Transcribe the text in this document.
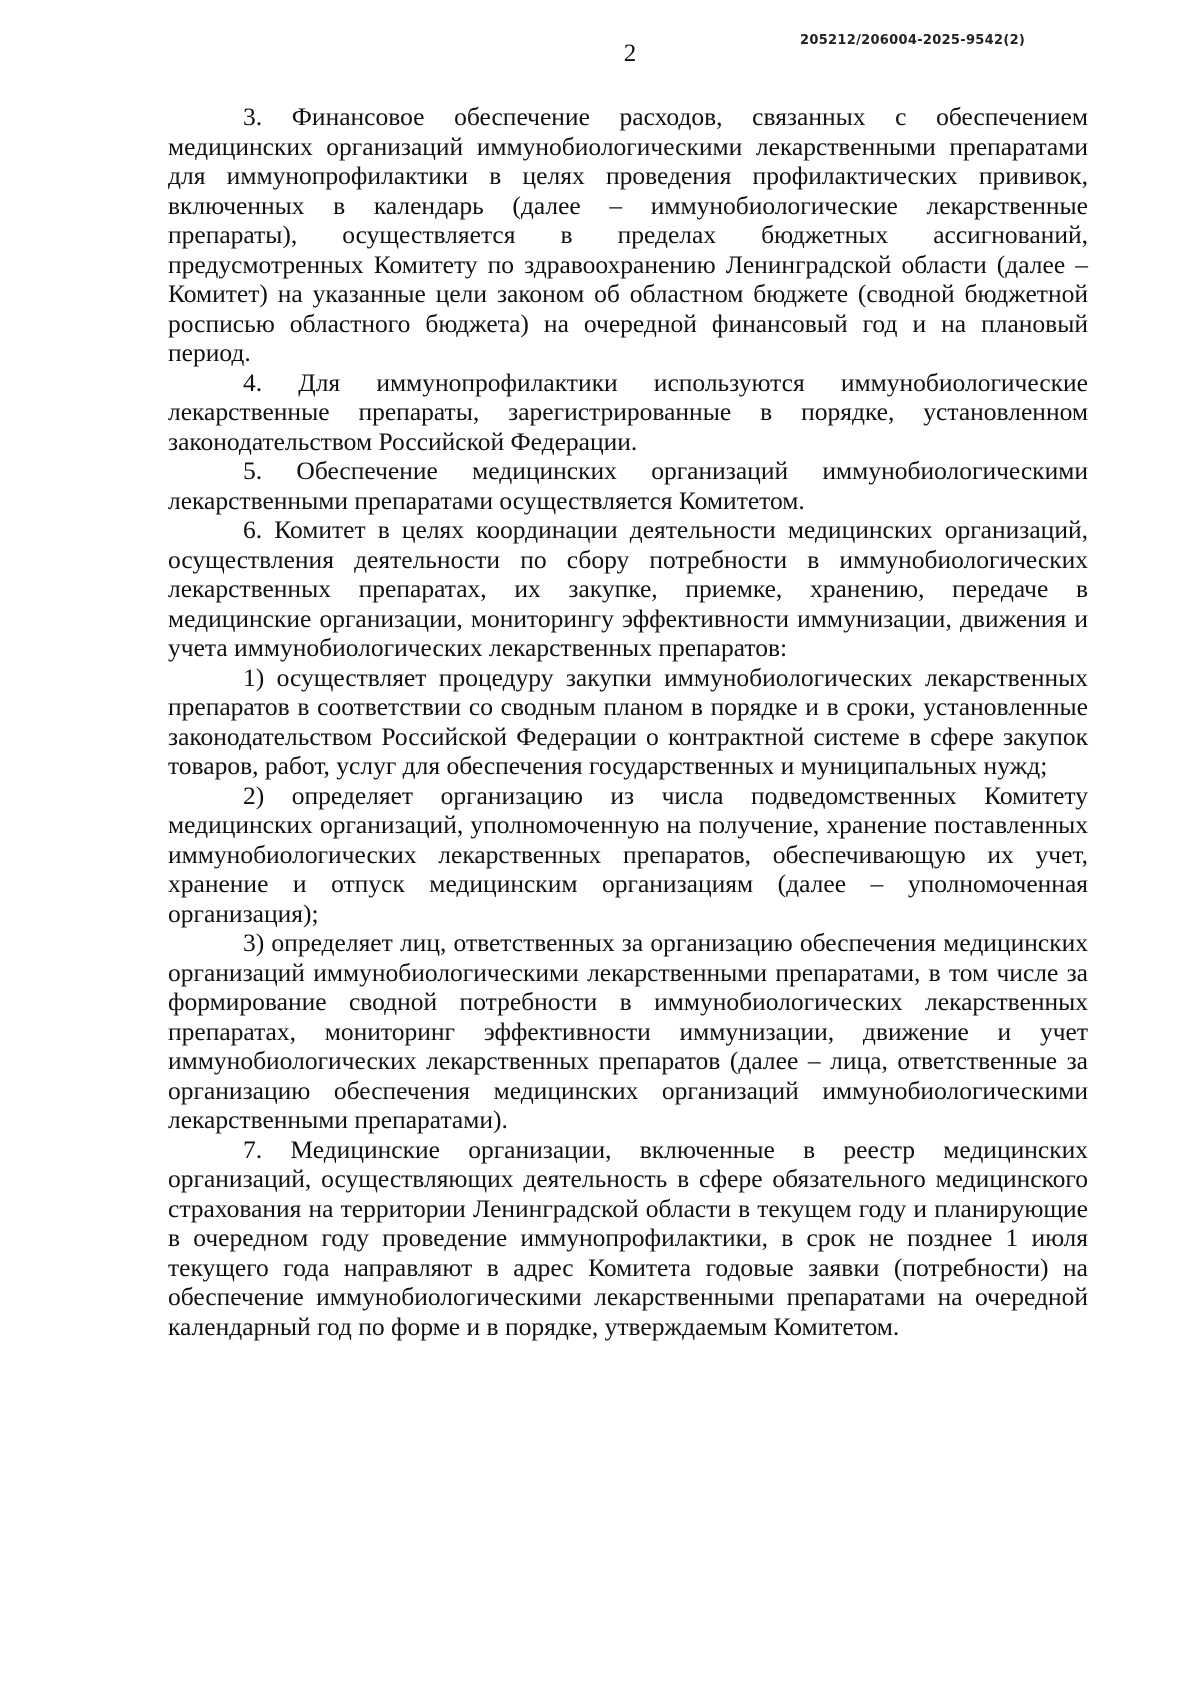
205212/206004-2025-9542(2)
2

3. Финансовое обеспечение расходов, связанных с обеспечением медицинских организаций иммунобиологическими лекарственными препаратами для иммунопрофилактики в целях проведения профилактических прививок, включенных в календарь (далее – иммунобиологические лекарственные препараты), осуществляется в пределах бюджетных ассигнований, предусмотренных Комитету по здравоохранению Ленинградской области (далее – Комитет) на указанные цели законом об областном бюджете (сводной бюджетной росписью областного бюджета) на очередной финансовый год и на плановый период.

4. Для иммунопрофилактики используются иммунобиологические лекарственные препараты, зарегистрированные в порядке, установленном законодательством Российской Федерации.

5. Обеспечение медицинских организаций иммунобиологическими лекарственными препаратами осуществляется Комитетом.

6. Комитет в целях координации деятельности медицинских организаций, осуществления деятельности по сбору потребности в иммунобиологических лекарственных препаратах, их закупке, приемке, хранению, передаче в медицинские организации, мониторингу эффективности иммунизации, движения и учета иммунобиологических лекарственных препаратов:

1) осуществляет процедуру закупки иммунобиологических лекарственных препаратов в соответствии со сводным планом в порядке и в сроки, установленные законодательством Российской Федерации о контрактной системе в сфере закупок товаров, работ, услуг для обеспечения государственных и муниципальных нужд;

2) определяет организацию из числа подведомственных Комитету медицинских организаций, уполномоченную на получение, хранение поставленных иммунобиологических лекарственных препаратов, обеспечивающую их учет, хранение и отпуск медицинским организациям (далее – уполномоченная организация);

3) определяет лиц, ответственных за организацию обеспечения медицинских организаций иммунобиологическими лекарственными препаратами, в том числе за формирование сводной потребности в иммунобиологических лекарственных препаратах, мониторинг эффективности иммунизации, движение и учет иммунобиологических лекарственных препаратов (далее – лица, ответственные за организацию обеспечения медицинских организаций иммунобиологическими лекарственными препаратами).

7. Медицинские организации, включенные в реестр медицинских организаций, осуществляющих деятельность в сфере обязательного медицинского страхования на территории Ленинградской области в текущем году и планирующие в очередном году проведение иммунопрофилактики, в срок не позднее 1 июля текущего года направляют в адрес Комитета годовые заявки (потребности) на обеспечение иммунобиологическими лекарственными препаратами на очередной календарный год по форме и в порядке, утверждаемым Комитетом.
